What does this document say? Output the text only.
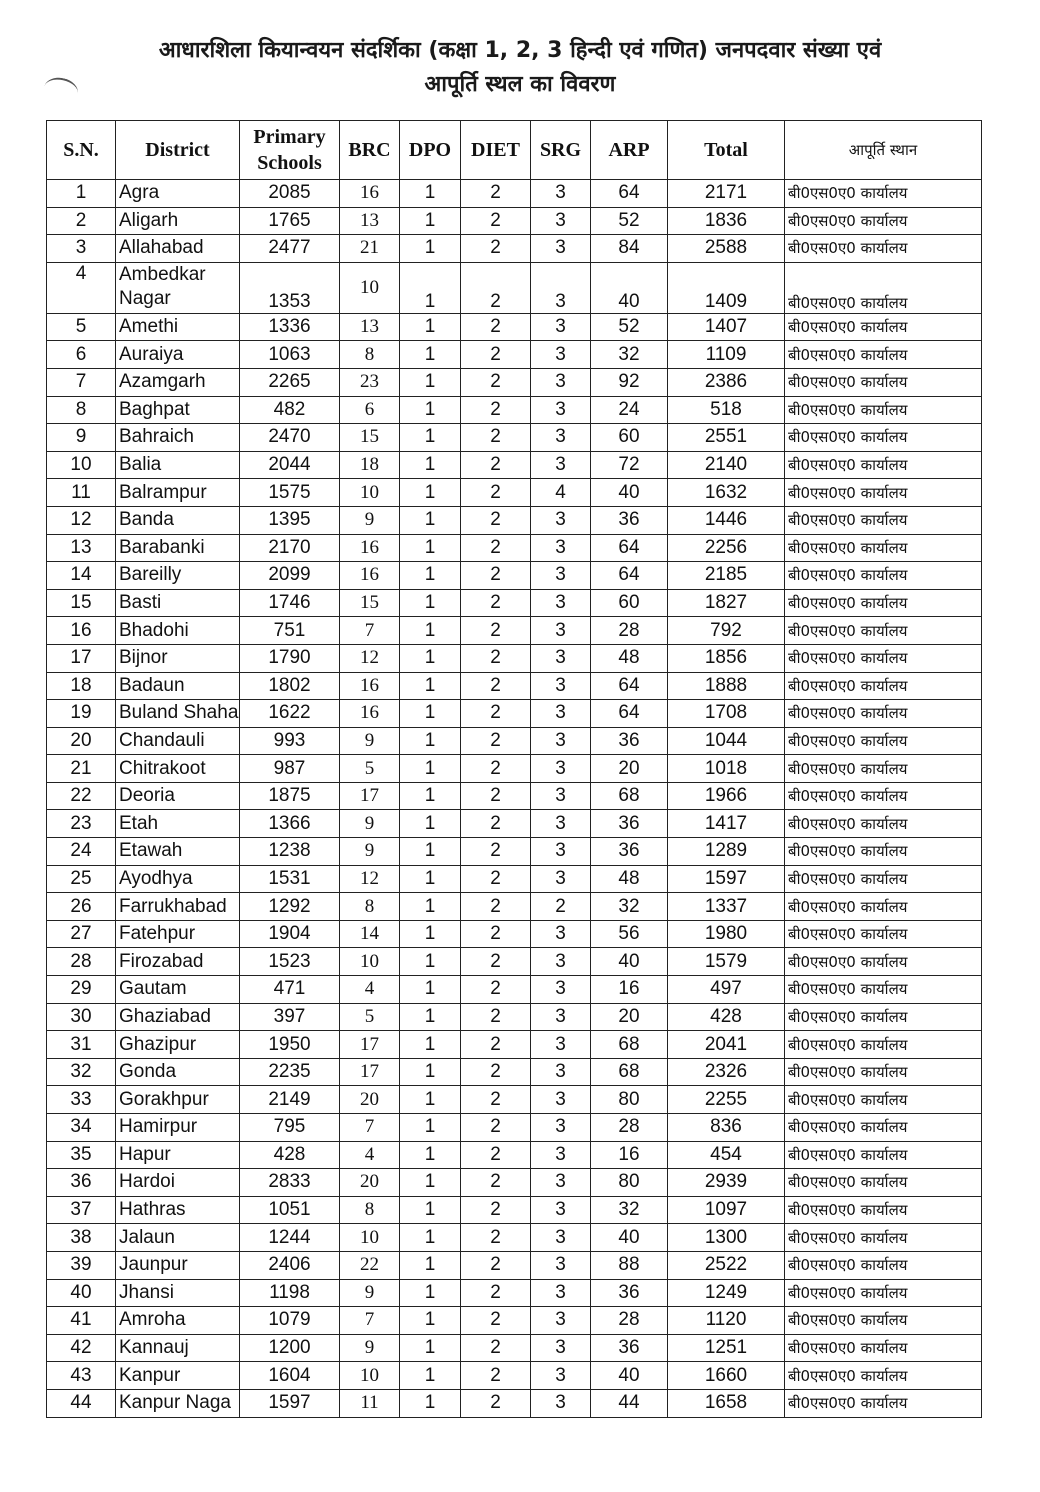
आधारशिला कियान्वयन संदर्शिका (कक्षा 1, 2, 3 हिन्दी एवं गणित) जनपदवार संख्या एवं
आपूर्ति स्थल का विवरण
S.N.	District	Primary Schools	BRC	DPO	DIET	SRG	ARP	Total	आपूर्ति स्थान
1	Agra	2085	16	1	2	3	64	2171	बी0एस0ए0 कार्यालय
2	Aligarh	1765	13	1	2	3	52	1836	बी0एस0ए0 कार्यालय
3	Allahabad	2477	21	1	2	3	84	2588	बी0एस0ए0 कार्यालय
4	Ambedkar Nagar	1353	10	1	2	3	40	1409	बी0एस0ए0 कार्यालय
5	Amethi	1336	13	1	2	3	52	1407	बी0एस0ए0 कार्यालय
6	Auraiya	1063	8	1	2	3	32	1109	बी0एस0ए0 कार्यालय
7	Azamgarh	2265	23	1	2	3	92	2386	बी0एस0ए0 कार्यालय
8	Baghpat	482	6	1	2	3	24	518	बी0एस0ए0 कार्यालय
9	Bahraich	2470	15	1	2	3	60	2551	बी0एस0ए0 कार्यालय
10	Balia	2044	18	1	2	3	72	2140	बी0एस0ए0 कार्यालय
11	Balrampur	1575	10	1	2	4	40	1632	बी0एस0ए0 कार्यालय
12	Banda	1395	9	1	2	3	36	1446	बी0एस0ए0 कार्यालय
13	Barabanki	2170	16	1	2	3	64	2256	बी0एस0ए0 कार्यालय
14	Bareilly	2099	16	1	2	3	64	2185	बी0एस0ए0 कार्यालय
15	Basti	1746	15	1	2	3	60	1827	बी0एस0ए0 कार्यालय
16	Bhadohi	751	7	1	2	3	28	792	बी0एस0ए0 कार्यालय
17	Bijnor	1790	12	1	2	3	48	1856	बी0एस0ए0 कार्यालय
18	Badaun	1802	16	1	2	3	64	1888	बी0एस0ए0 कार्यालय
19	Buland Shaha	1622	16	1	2	3	64	1708	बी0एस0ए0 कार्यालय
20	Chandauli	993	9	1	2	3	36	1044	बी0एस0ए0 कार्यालय
21	Chitrakoot	987	5	1	2	3	20	1018	बी0एस0ए0 कार्यालय
22	Deoria	1875	17	1	2	3	68	1966	बी0एस0ए0 कार्यालय
23	Etah	1366	9	1	2	3	36	1417	बी0एस0ए0 कार्यालय
24	Etawah	1238	9	1	2	3	36	1289	बी0एस0ए0 कार्यालय
25	Ayodhya	1531	12	1	2	3	48	1597	बी0एस0ए0 कार्यालय
26	Farrukhabad	1292	8	1	2	2	32	1337	बी0एस0ए0 कार्यालय
27	Fatehpur	1904	14	1	2	3	56	1980	बी0एस0ए0 कार्यालय
28	Firozabad	1523	10	1	2	3	40	1579	बी0एस0ए0 कार्यालय
29	Gautam	471	4	1	2	3	16	497	बी0एस0ए0 कार्यालय
30	Ghaziabad	397	5	1	2	3	20	428	बी0एस0ए0 कार्यालय
31	Ghazipur	1950	17	1	2	3	68	2041	बी0एस0ए0 कार्यालय
32	Gonda	2235	17	1	2	3	68	2326	बी0एस0ए0 कार्यालय
33	Gorakhpur	2149	20	1	2	3	80	2255	बी0एस0ए0 कार्यालय
34	Hamirpur	795	7	1	2	3	28	836	बी0एस0ए0 कार्यालय
35	Hapur	428	4	1	2	3	16	454	बी0एस0ए0 कार्यालय
36	Hardoi	2833	20	1	2	3	80	2939	बी0एस0ए0 कार्यालय
37	Hathras	1051	8	1	2	3	32	1097	बी0एस0ए0 कार्यालय
38	Jalaun	1244	10	1	2	3	40	1300	बी0एस0ए0 कार्यालय
39	Jaunpur	2406	22	1	2	3	88	2522	बी0एस0ए0 कार्यालय
40	Jhansi	1198	9	1	2	3	36	1249	बी0एस0ए0 कार्यालय
41	Amroha	1079	7	1	2	3	28	1120	बी0एस0ए0 कार्यालय
42	Kannauj	1200	9	1	2	3	36	1251	बी0एस0ए0 कार्यालय
43	Kanpur	1604	10	1	2	3	40	1660	बी0एस0ए0 कार्यालय
44	Kanpur Naga	1597	11	1	2	3	44	1658	बी0एस0ए0 कार्यालय
